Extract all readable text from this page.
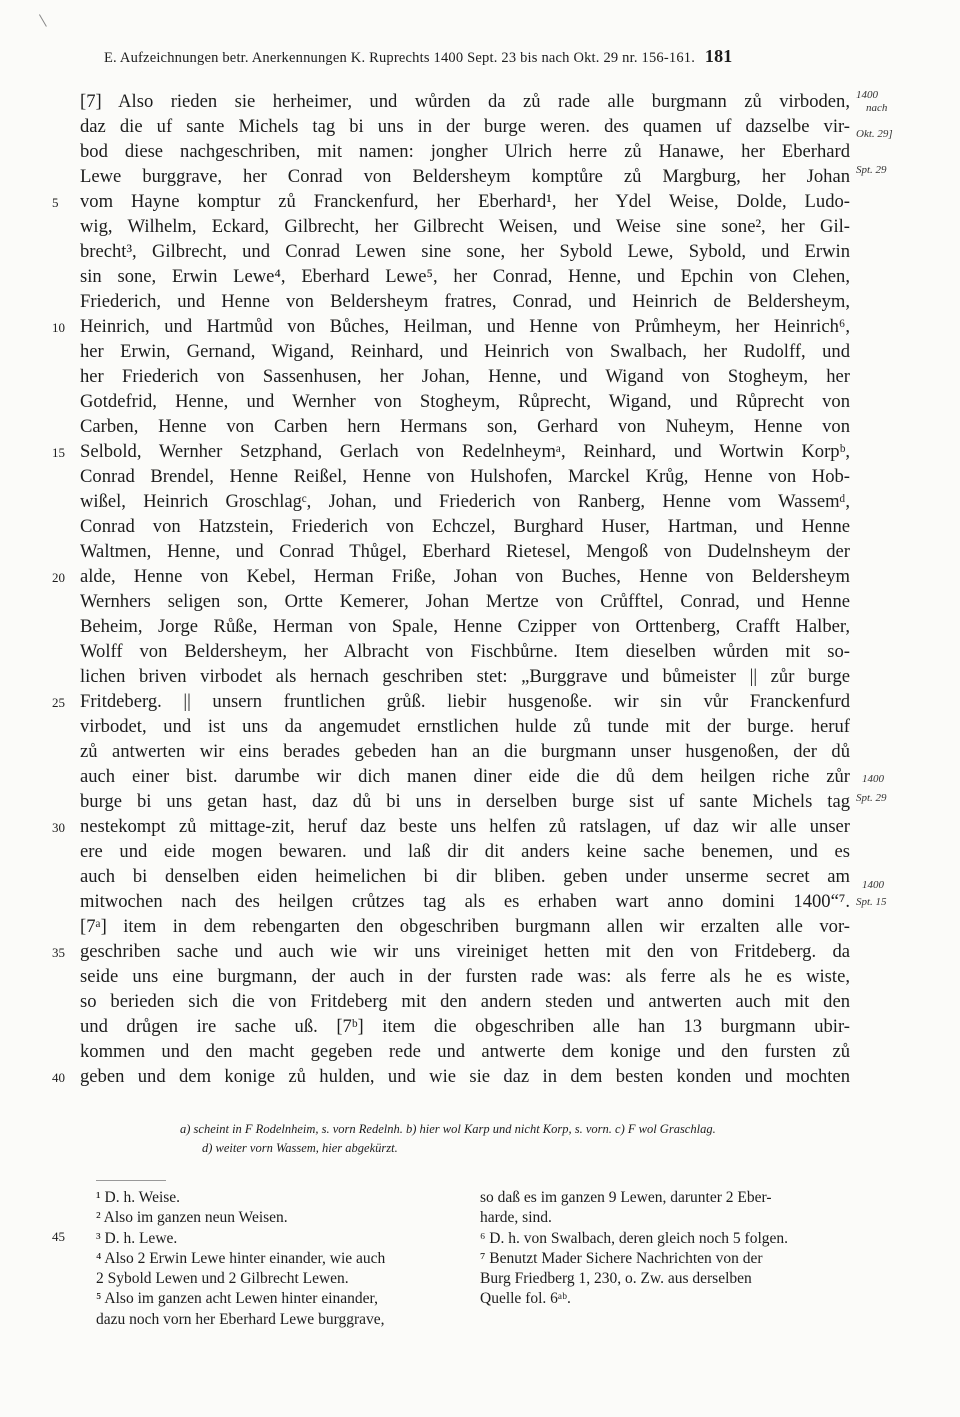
E. Aufzeichnungen betr. Anerkennungen K. Ruprechts 1400 Sept. 23 bis nach Okt. 29 nr. 156-161. 181
[7] Also rieden sie herheimer, und wůrden da zů rade alle burgmann zů virboden,
daz die uf sante Michels tag bi uns in der burge weren. des quamen uf dazselbe vir-
bod diese nachgeschriben, mit namen: jongher Ulrich herre zů Hanawe, her Eberhard
Lewe burggrave, her Conrad von Beldersheym komptůre zů Margburg, her Johan
vom Hayne komptur zů Franckenfurd, her Eberhard¹, her Ydel Weise, Dolde, Ludo-
wig, Wilhelm, Eckard, Gilbrecht, her Gilbrecht Weisen, und Weise sine sone², her Gil-
brecht³, Gilbrecht, und Conrad Lewen sine sone, her Sybold Lewe, Sybold, und Erwin
sin sone, Erwin Lewe⁴, Eberhard Lewe⁵, her Conrad, Henne, und Epchin von Clehen,
Friederich, und Henne von Beldersheym fratres, Conrad, und Heinrich de Beldersheym,
Heinrich, und Hartmůd von Bůches, Heilman, und Henne von Průmheym, her Heinrich⁶,
her Erwin, Gernand, Wigand, Reinhard, und Heinrich von Swalbach, her Rudolff, und
her Friederich von Sassenhusen, her Johan, Henne, und Wigand von Stogheym, her
Gotdefrid, Henne, und Wernher von Stogheym, Růprecht, Wigand, und Růprecht von
Carben, Henne von Carben hern Hermans son, Gerhard von Nuheym, Henne von
Selbold, Wernher Setzphand, Gerlach von Redelnheymᵃ, Reinhard, und Wortwin Korpᵇ,
Conrad Brendel, Henne Reißel, Henne von Hulshofen, Marckel Krůg, Henne von Hob-
wißel, Heinrich Groschlagᶜ, Johan, und Friederich von Ranberg, Henne vom Wassemᵈ,
Conrad von Hatzstein, Friederich von Echczel, Burghard Huser, Hartman, und Henne
Waltmen, Henne, und Conrad Thůgel, Eberhard Rietesel, Mengoß von Dudelnsheym der
alde, Henne von Kebel, Herman Friße, Johan von Buches, Henne von Beldersheym
Wernhers seligen son, Ortte Kemerer, Johan Mertze von Crůfftel, Conrad, und Henne
Beheim, Jorge Růße, Herman von Spale, Henne Czipper von Orttenberg, Crafft Halber,
Wolff von Beldersheym, her Albracht von Fischbůrne. Item dieselben wůrden mit so-
lichen briven virbodet als hernach geschriben stet: „Burggrave und bůmeister || zůr burge
Fritdeberg. || unsern fruntlichen grůß. liebir husgenoße. wir sin vůr Franckenfurd
virbodet, und ist uns da angemudet ernstlichen hulde zů tunde mit der burge. heruf
zů antwerten wir eins berades gebeden han an die burgmann unser husgenoßen, der dů
auch einer bist. darumbe wir dich manen diner eide die dů dem heilgen riche zůr
burge bi uns getan hast, daz dů bi uns in derselben burge sist uf sante Michels tag
nestekompt zů mittage-zit, heruf daz beste uns helfen zů ratslagen, uf daz wir alle unser
ere und eide mogen bewaren. und laß dir dit anders keine sache benemen, und es
auch bi denselben eiden heimelichen bi dir bliben. geben under unserme secret am
mitwochen nach des heilgen crůtzes tag als es erhaben wart anno domini 1400“⁷.
[7ᵃ] item in dem rebengarten den obgeschriben burgmann allen wir erzalten alle vor-
geschriben sache und auch wie wir uns vireiniget hetten mit den von Fritdeberg. da
seide uns eine burgmann, der auch in der fursten rade was: als ferre als he es wiste,
so berieden sich die von Fritdeberg mit den andern steden und antwerten auch mit den
und drůgen ire sache uß. [7ᵇ] item die obgeschriben alle han 13 burgmann ubir-
kommen und den macht gegeben rede und antwerte dem konige und den fursten zů
geben und dem konige zů hulden, und wie sie daz in dem besten konden und mochten
5
10
15
20
25
30
35
40
1400
nach
Okt. 29]
Spt. 29
1400
Spt. 29
1400
Spt. 15
a) scheint in F Rodelnheim, s. vorn Redelnh. b) hier wol Karp und nicht Korp, s. vorn. c) F wol Graschlag.
d) weiter vorn Wassem, hier abgekürzt.
45
¹ D. h. Weise.
² Also im ganzen neun Weisen.
³ D. h. Lewe.
⁴ Also 2 Erwin Lewe hinter einander, wie auch
2 Sybold Lewen und 2 Gilbrecht Lewen.
⁵ Also im ganzen acht Lewen hinter einander,
dazu noch vorn her Eberhard Lewe burggrave,
so daß es im ganzen 9 Lewen, darunter 2 Eber-
harde, sind.
⁶ D. h. von Swalbach, deren gleich noch 5 folgen.
⁷ Benutzt Mader Sichere Nachrichten von der
Burg Friedberg 1, 230, o. Zw. aus derselben
Quelle fol. 6ᵃᵇ.
